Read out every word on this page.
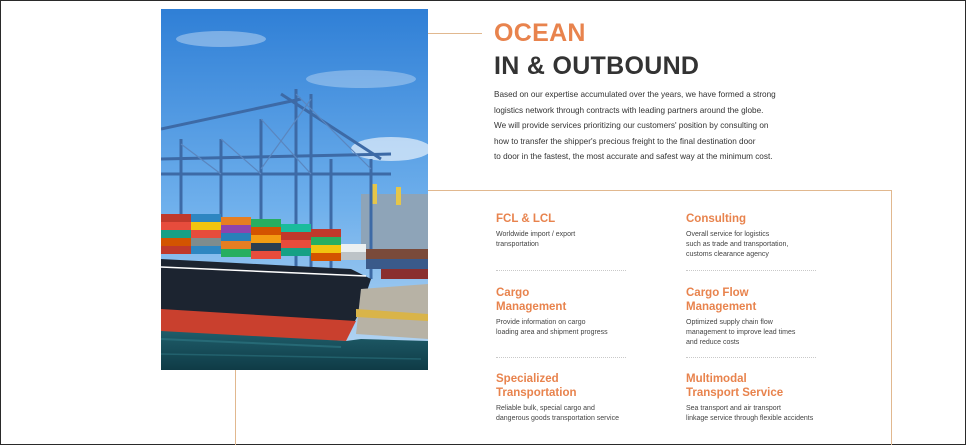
OCEAN
IN & OUTBOUND
Based on our expertise accumulated over the years, we have formed a strong
logistics network through contracts with leading partners around the globe.
We will provide services prioritizing our customers' position by consulting on
how to transfer the shipper's precious freight to the final destination door
to door in the fastest, the most accurate and safest way at the minimum cost.
FCL & LCL

Worldwide import / export
transportation

Consulting

Overall service for logistics
such as trade and transportation,
customs clearance agency

Cargo
Management

Provide information on cargo
loading area and shipment progress

Cargo Flow
Management

Optimized supply chain flow
management to improve lead times
and reduce costs

Specialized
Transportation

Reliable bulk, special cargo and
dangerous goods transportation service

Multimodal
Transport Service

Sea transport and air transport
linkage service through flexible accidents
